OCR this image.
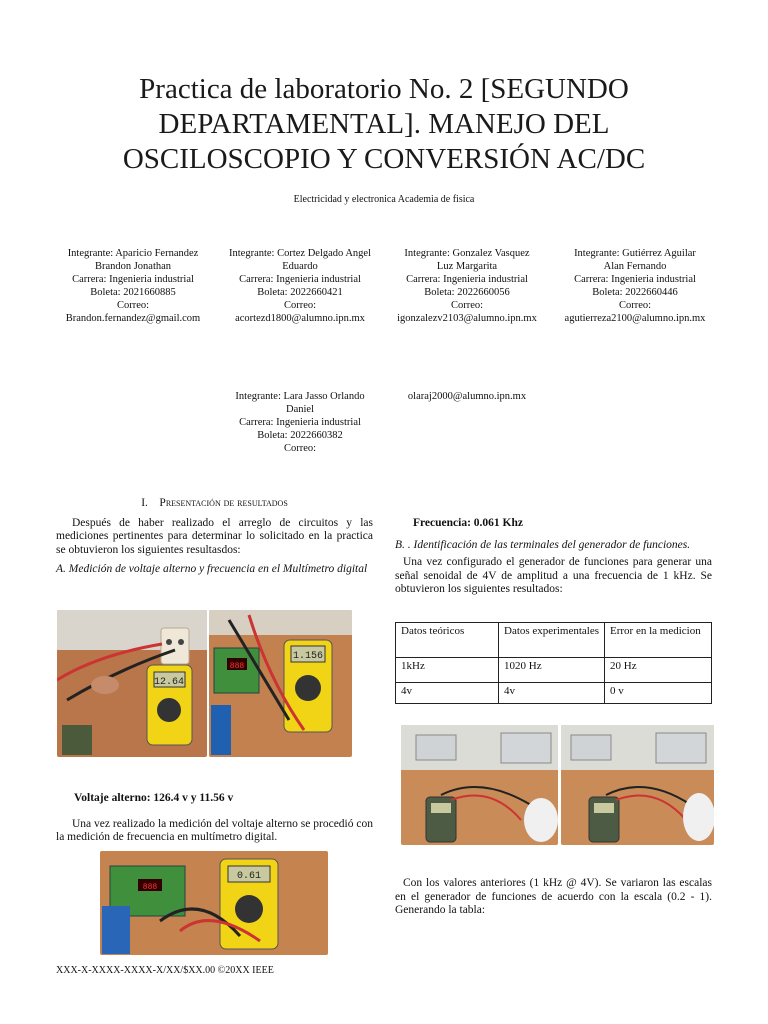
Practica de laboratorio No. 2 [SEGUNDO
DEPARTAMENTAL]. MANEJO DEL
OSCILOSCOPIO Y CONVERSIÓN AC/DC
Electricidad y electronica Academia de fisica
Integrante: Aparicio Fernandez
Brandon Jonathan
Carrera: Ingenieria industrial
Boleta: 2021660885
Correo:
Brandon.fernandez@gmail.com
Integrante: Cortez Delgado Angel
Eduardo
Carrera: Ingenieria industrial
Boleta: 2022660421
Correo:
acortezd1800@alumno.ipn.mx
Integrante: Gonzalez Vasquez
Luz Margarita
Carrera: Ingenieria industrial
Boleta: 2022660056
Correo:
igonzalezv2103@alumno.ipn.mx
Integrante: Gutiérrez Aguilar
Alan Fernando
Carrera: Ingenieria industrial
Boleta: 2022660446
Correo:
agutierreza2100@alumno.ipn.mx
Integrante: Lara Jasso Orlando
Daniel
Carrera: Ingenieria industrial
Boleta: 2022660382
Correo:
olaraj2000@alumno.ipn.mx
I. Presentación de resultados

Después de haber realizado el arreglo de circuitos y las mediciones pertinentes para determinar lo solicitado en la practica se obtuvieron los siguientes resultasdos:

A. Medición de voltaje alterno y frecuencia en el Multímetro digital

12.64
888
1.156
Voltaje alterno: 126.4 v y 11.56 v

Una vez realizado la medición del voltaje alterno se procedió con la medición de frecuencia en multímetro digital.

888
0.61
Frecuencia: 0.061 Khz

B. . Identificación de las terminales del generador de funciones.

Una vez configurado el generador de funciones para generar una señal senoidal de 4V de amplitud a una frecuencia de 1 kHz. Se obtuvieron los siguientes resultados:

Datos teóricos	Datos experimentales	Error en la medicion
1kHz	1020 Hz	20 Hz
4v	4v	0 v

Con los valores anteriores (1 kHz @ 4V). Se variaron las escalas en el generador de funciones de acuerdo con la escala (0.2 - 1). Generando la tabla:

XXX-X-XXXX-XXXX-X/XX/$XX.00 ©20XX IEEE
